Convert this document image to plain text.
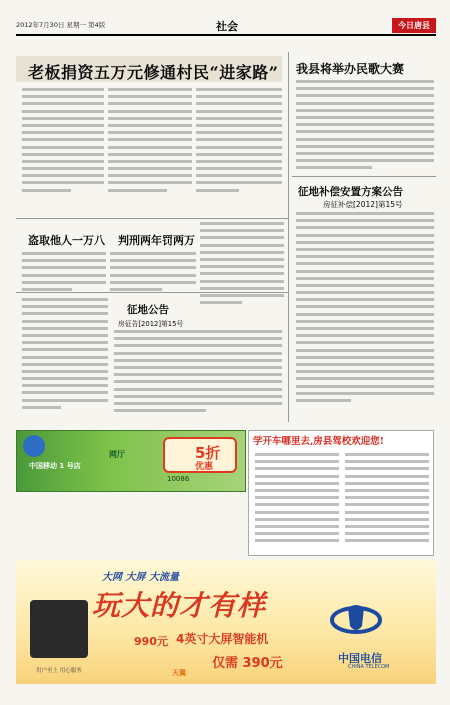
2012年7月30日 星期一 第4版	社会	今日唐县
老板捐资五万元修通村民“进家路” 我县将举办民歌大赛
征地补偿安置方案公告
房征补偿[2012]第15号
盗取他人一万八 判刑两年罚两万
征地公告
房征告[2012]第15号
中国移动 1 号店
网厅	5折
优惠
10086
学开车哪里去,房县驾校欢迎您!
大网 大屏 大流量
玩大的才有样
990元 4英寸大屏智能机
仅需 390元	中国电信
CHINA TELECOM
用户至上 用心服务	天翼
